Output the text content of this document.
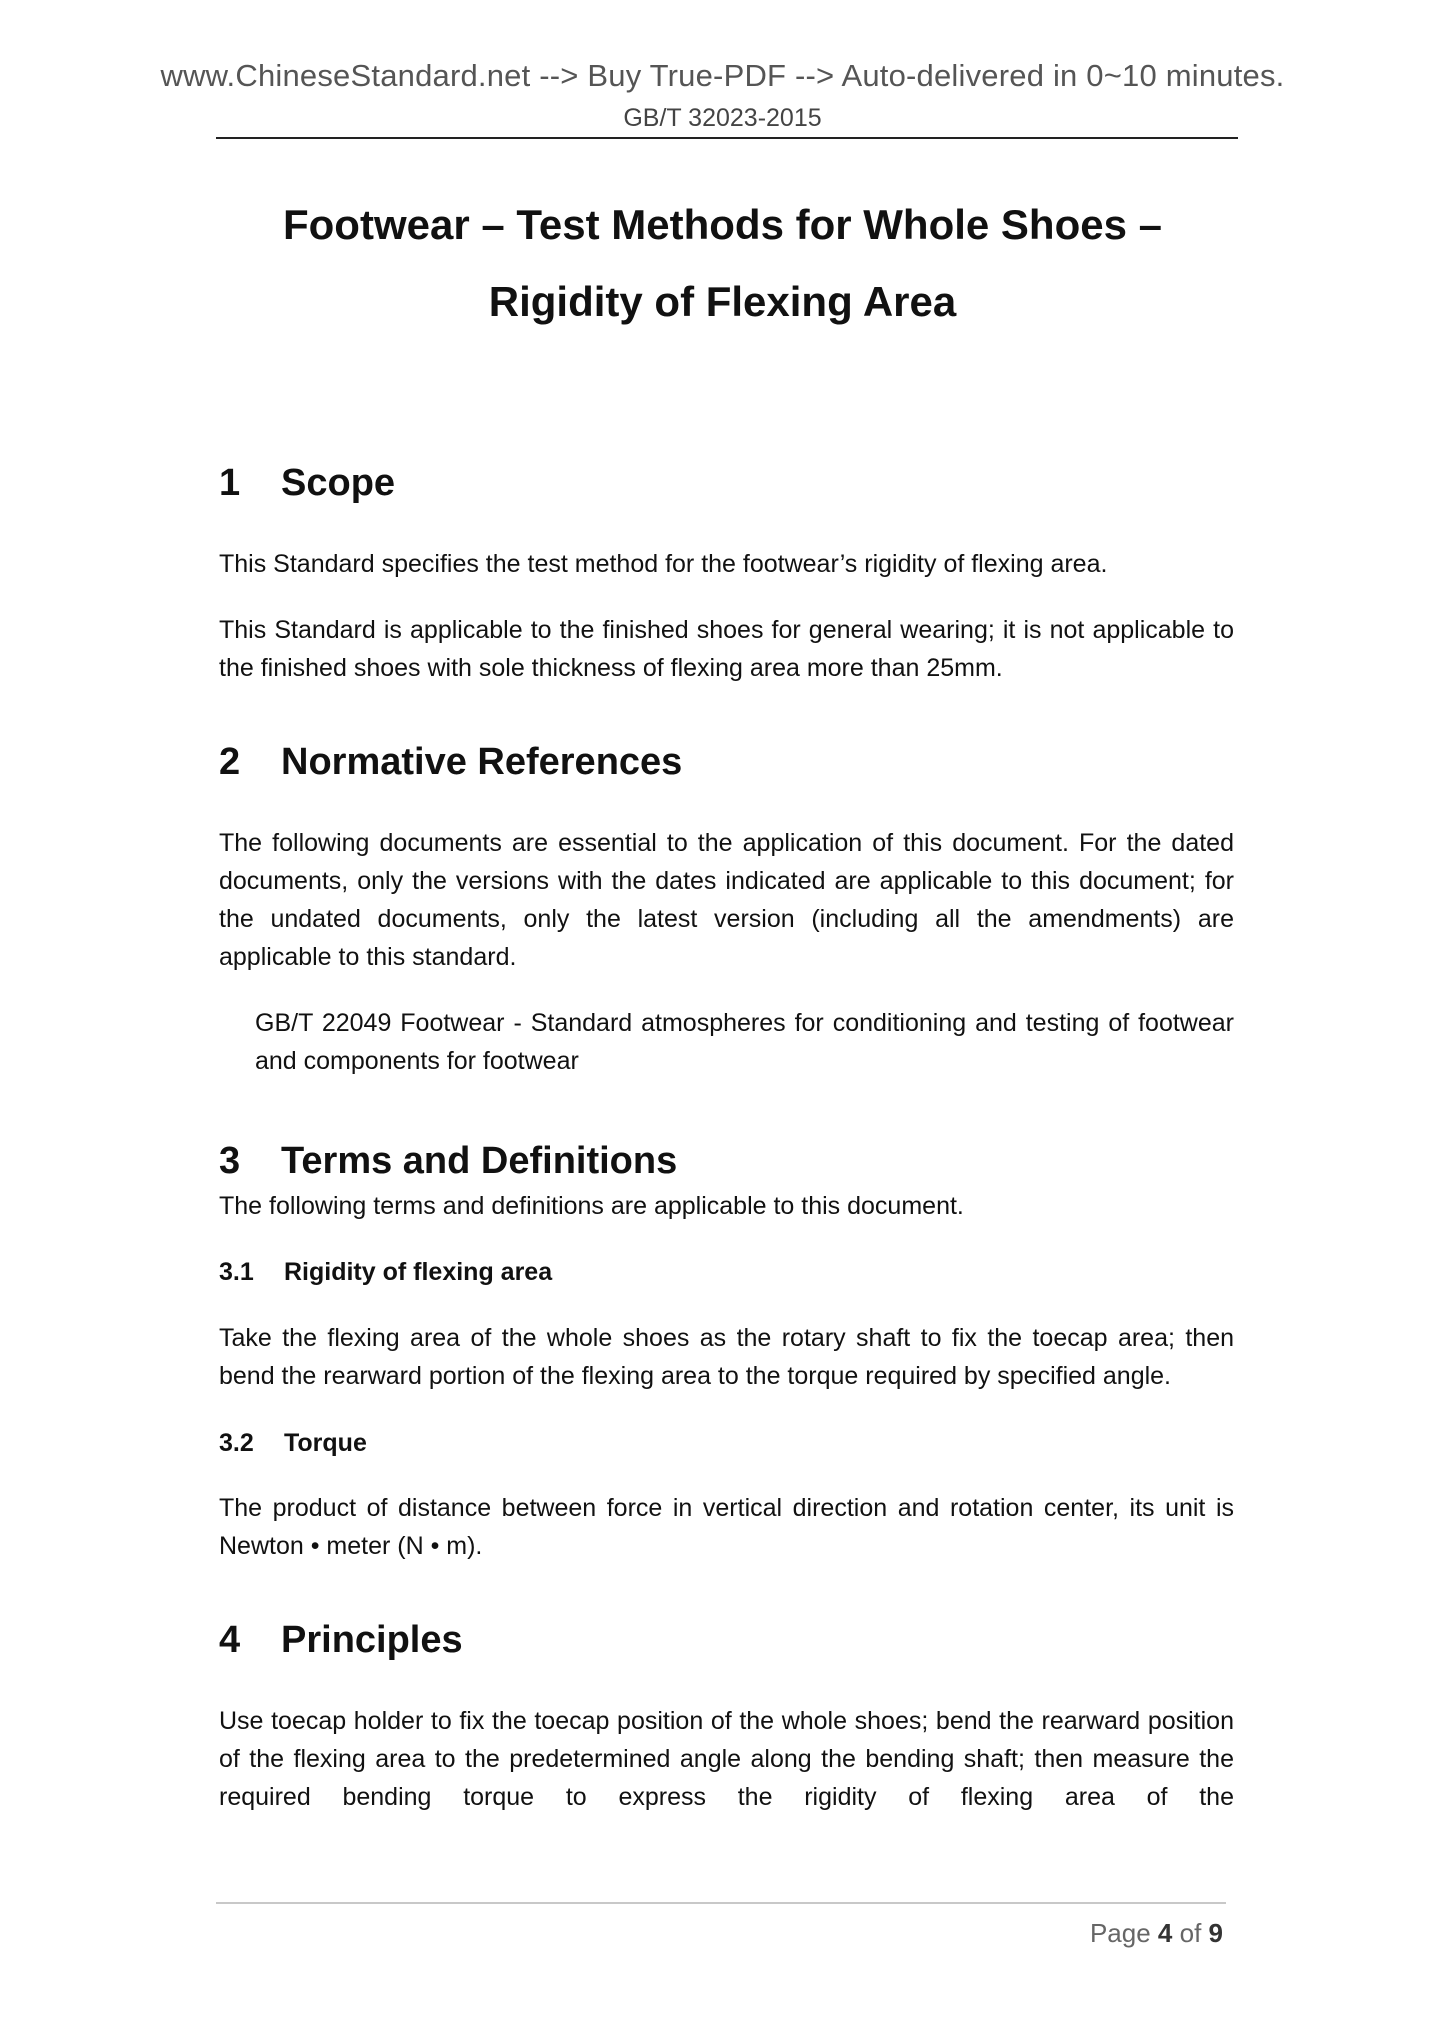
www.ChineseStandard.net --> Buy True-PDF --> Auto-delivered in 0~10 minutes.
GB/T 32023-2015
Footwear – Test Methods for Whole Shoes –
Rigidity of Flexing Area
1 Scope

This Standard specifies the test method for the footwear’s rigidity of flexing area.

This Standard is applicable to the finished shoes for general wearing; it is not applicable to the finished shoes with sole thickness of flexing area more than 25mm.

2 Normative References

The following documents are essential to the application of this document. For the dated documents, only the versions with the dates indicated are applicable to this document; for the undated documents, only the latest version (including all the amendments) are applicable to this standard.

GB/T 22049 Footwear - Standard atmospheres for conditioning and testing of footwear and components for footwear

3 Terms and Definitions

The following terms and definitions are applicable to this document.

3.1 Rigidity of flexing area

Take the flexing area of the whole shoes as the rotary shaft to fix the toecap area; then bend the rearward portion of the flexing area to the torque required by specified angle.

3.2 Torque

The product of distance between force in vertical direction and rotation center, its unit is Newton • meter (N • m).

4 Principles

Use toecap holder to fix the toecap position of the whole shoes; bend the rearward position of the flexing area to the predetermined angle along the bending shaft; then measure the required bending torque to express the rigidity of flexing area of the

Page 4 of 9
